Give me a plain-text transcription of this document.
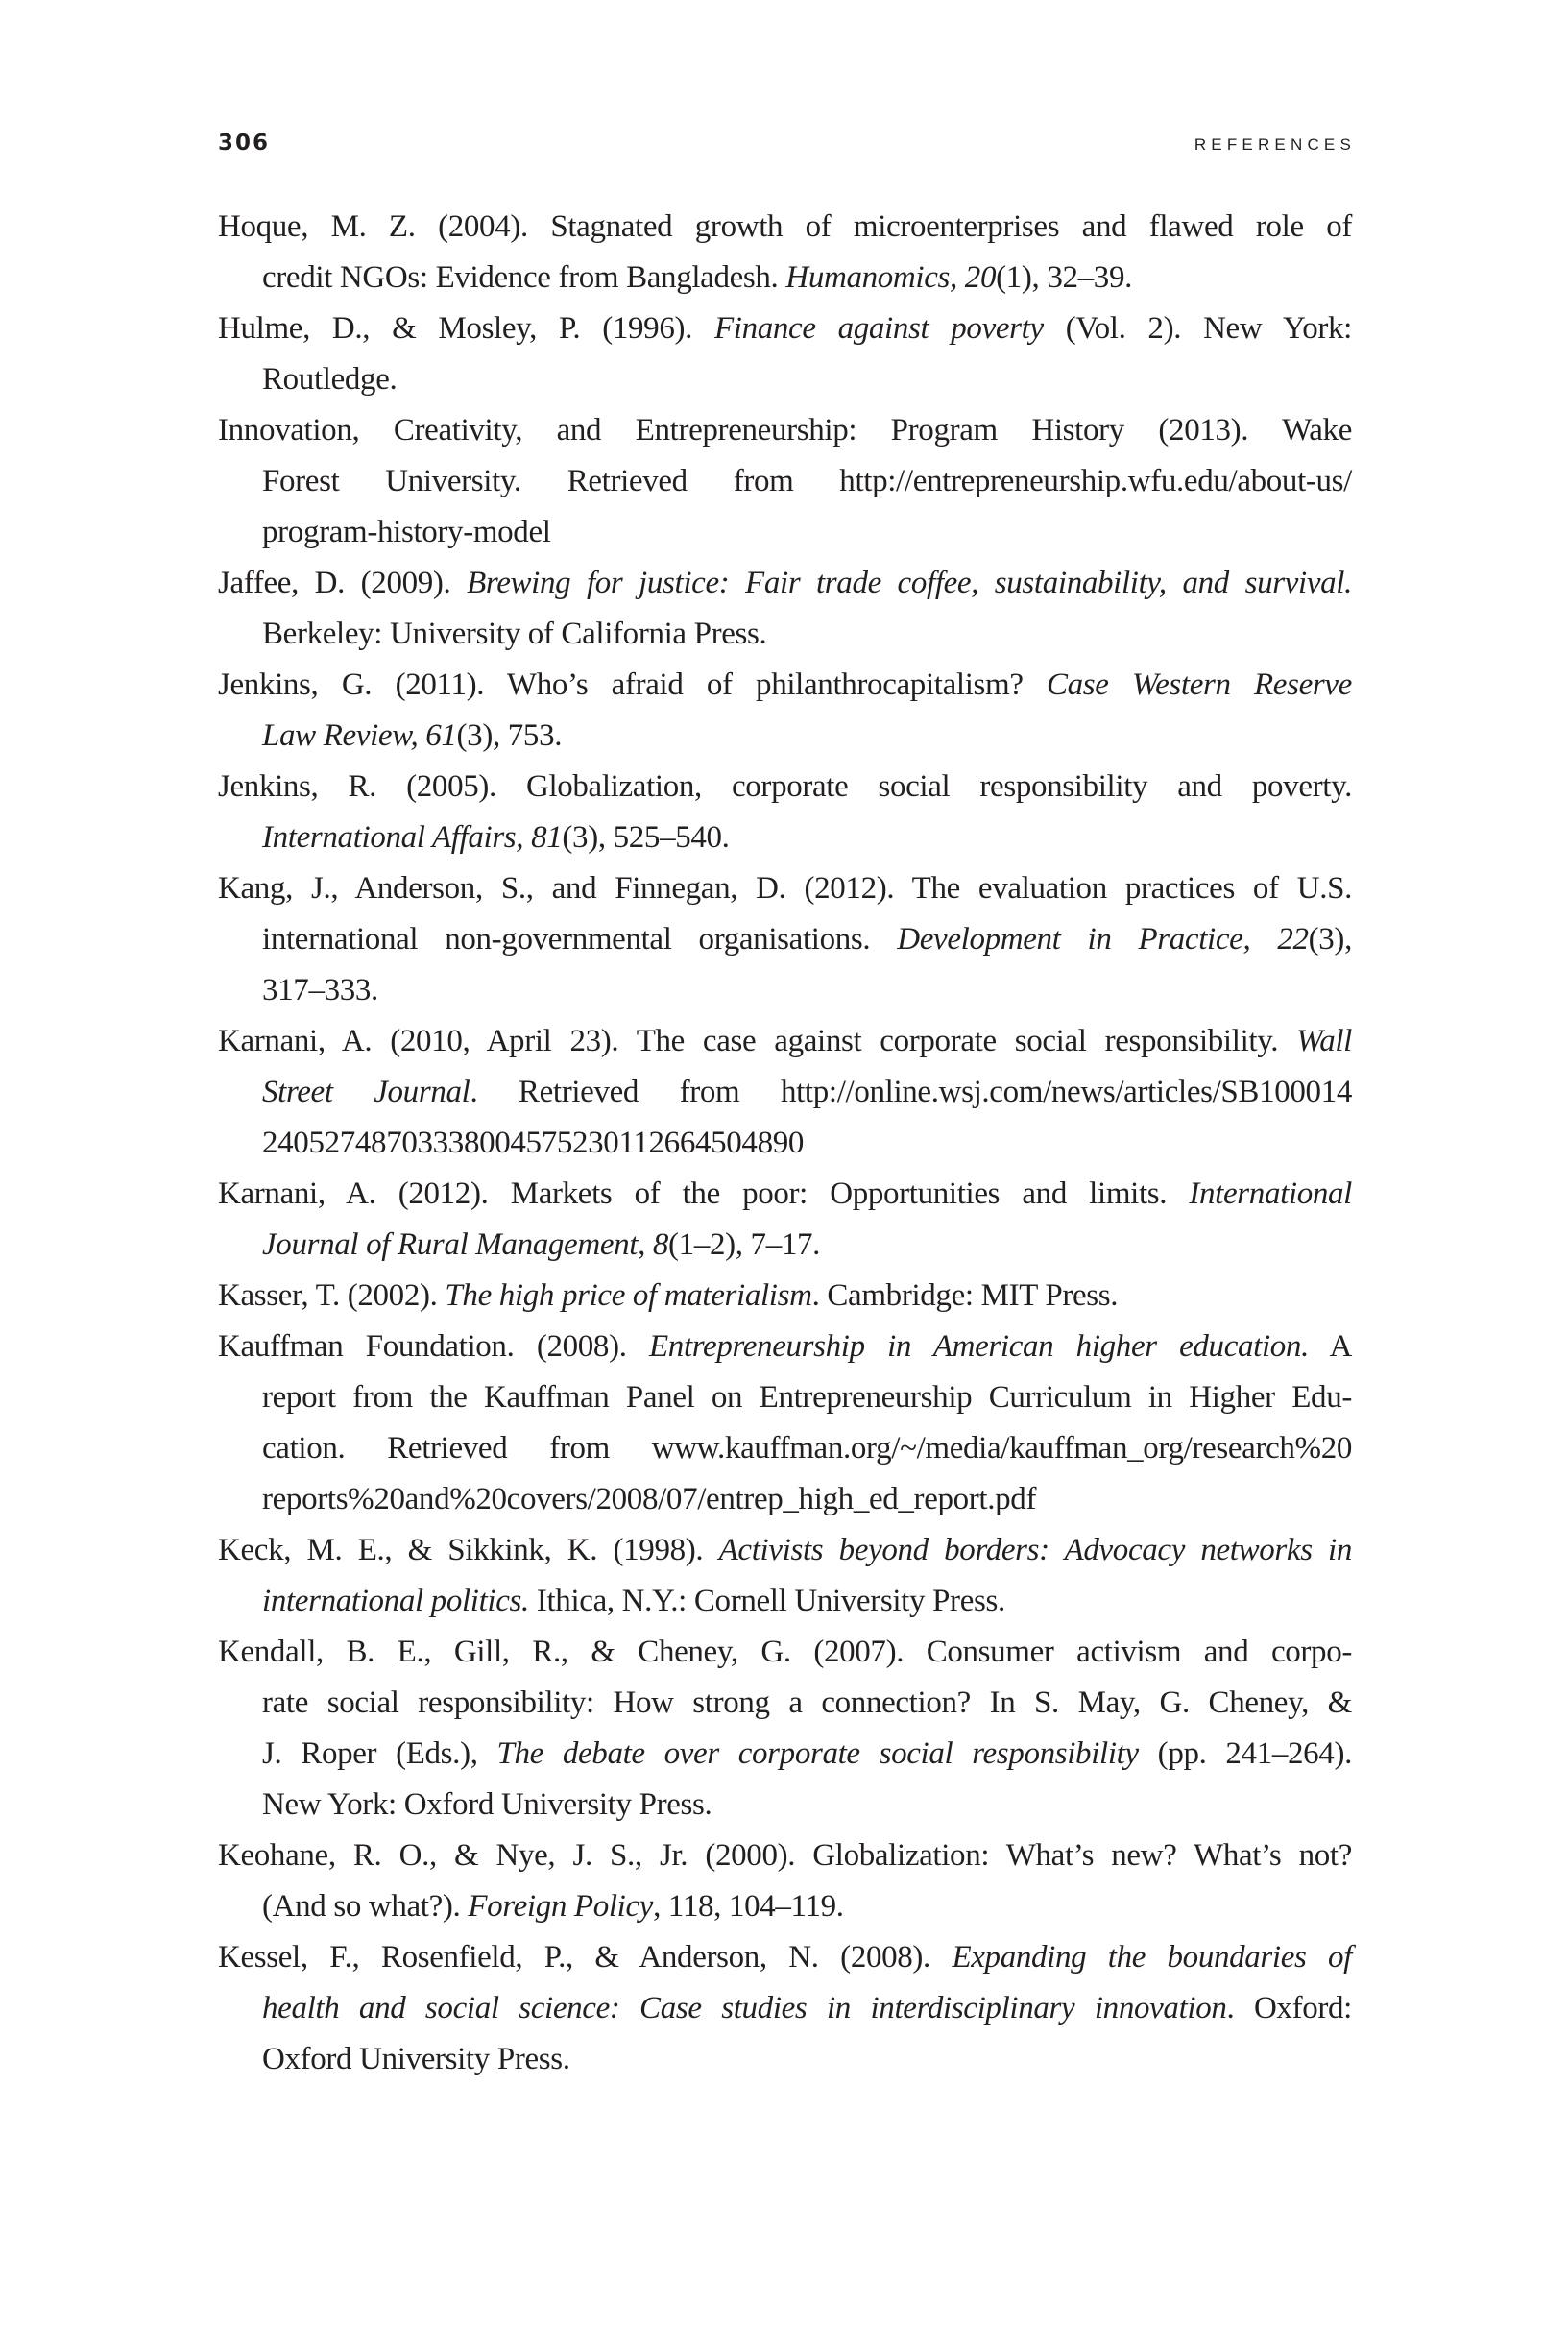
306	REFERENCES
Hoque, M. Z. (2004). Stagnated growth of microenterprises and flawed role of
credit NGOs: Evidence from Bangladesh. Humanomics, 20(1), 32–39.
Hulme, D., & Mosley, P. (1996). Finance against poverty (Vol. 2). New York:
Routledge.
Innovation, Creativity, and Entrepreneurship: Program History (2013). Wake
Forest University. Retrieved from http://entrepreneurship.wfu.edu/about-us/
program-history-model
Jaffee, D. (2009). Brewing for justice: Fair trade coffee, sustainability, and survival.
Berkeley: University of California Press.
Jenkins, G. (2011). Who’s afraid of philanthrocapitalism? Case Western Reserve
Law Review, 61(3), 753.
Jenkins, R. (2005). Globalization, corporate social responsibility and poverty.
International Affairs, 81(3), 525–540.
Kang, J., Anderson, S., and Finnegan, D. (2012). The evaluation practices of U.S.
international non-governmental organisations. Development in Practice, 22(3),
317–333.
Karnani, A. (2010, April 23). The case against corporate social responsibility. Wall
Street Journal. Retrieved from http://online.wsj.com/news/articles/SB100014
24052748703338004575230112664504890
Karnani, A. (2012). Markets of the poor: Opportunities and limits. International
Journal of Rural Management, 8(1–2), 7–17.
Kasser, T. (2002). The high price of materialism. Cambridge: MIT Press.
Kauffman Foundation. (2008). Entrepreneurship in American higher education. A
report from the Kauffman Panel on Entrepreneurship Curriculum in Higher Edu-
cation. Retrieved from www.kauffman.org/~/media/kauffman_org/research%20
reports%20and%20covers/2008/07/entrep_high_ed_report.pdf
Keck, M. E., & Sikkink, K. (1998). Activists beyond borders: Advocacy networks in
international politics. Ithica, N.Y.: Cornell University Press.
Kendall, B. E., Gill, R., & Cheney, G. (2007). Consumer activism and corpo-
rate social responsibility: How strong a connection? In S. May, G. Cheney, &
J. Roper (Eds.), The debate over corporate social responsibility (pp. 241–264).
New York: Oxford University Press.
Keohane, R. O., & Nye, J. S., Jr. (2000). Globalization: What’s new? What’s not?
(And so what?). Foreign Policy, 118, 104–119.
Kessel, F., Rosenfield, P., & Anderson, N. (2008). Expanding the boundaries of
health and social science: Case studies in interdisciplinary innovation. Oxford:
Oxford University Press.
